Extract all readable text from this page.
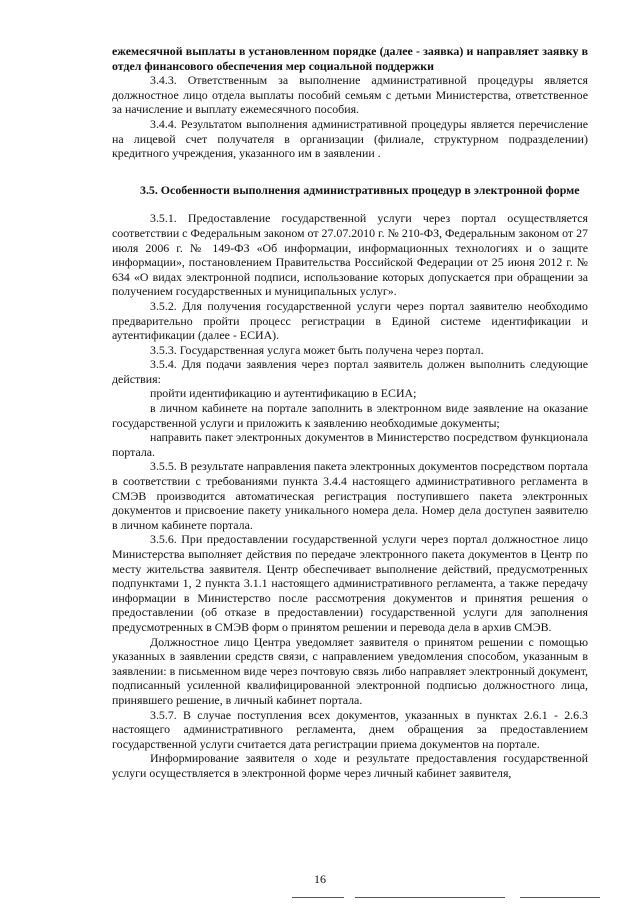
ежемесячной выплаты в установленном порядке (далее - заявка) и направляет заявку в отдел финансового обеспечения мер социальной поддержки

3.4.3. Ответственным за выполнение административной процедуры является должностное лицо отдела выплаты пособий семьям с детьми Министерства, ответственное за начисление и выплату ежемесячного пособия.

3.4.4. Результатом выполнения административной процедуры является перечисление на лицевой счет получателя в организации (филиале, структурном подразделении) кредитного учреждения, указанного им в заявлении .

3.5. Особенности выполнения административных процедур в электронной форме

3.5.1. Предоставление государственной услуги через портал осуществляется соответствии с Федеральным законом от 27.07.2010 г. № 210-ФЗ, Федеральным законом от 27 июля 2006 г. № 149-ФЗ «Об информации, информационных технологиях и о защите информации», постановлением Правительства Российской Федерации от 25 июня 2012 г. № 634 «О видах электронной подписи, использование которых допускается при обращении за получением государственных и муниципальных услуг».

3.5.2. Для получения государственной услуги через портал заявителю необходимо предварительно пройти процесс регистрации в Единой системе идентификации и аутентификации (далее - ЕСИА).

3.5.3. Государственная услуга может быть получена через портал.

3.5.4. Для подачи заявления через портал заявитель должен выполнить следующие действия:

пройти идентификацию и аутентификацию в ЕСИА;

в личном кабинете на портале заполнить в электронном виде заявление на оказание государственной услуги и приложить к заявлению необходимые документы;

направить пакет электронных документов в Министерство посредством функционала портала.

3.5.5. В результате направления пакета электронных документов посредством портала в соответствии с требованиями пункта 3.4.4 настоящего административного регламента в СМЭВ производится автоматическая регистрация поступившего пакета электронных документов и присвоение пакету уникального номера дела. Номер дела доступен заявителю в личном кабинете портала.

3.5.6. При предоставлении государственной услуги через портал должностное лицо Министерства выполняет действия по передаче электронного пакета документов в Центр по месту жительства заявителя. Центр обеспечивает выполнение действий, предусмотренных подпунктами 1, 2 пункта 3.1.1 настоящего административного регламента, а также передачу информации в Министерство после рассмотрения документов и принятия решения о предоставлении (об отказе в предоставлении) государственной услуги для заполнения предусмотренных в СМЭВ форм о принятом решении и перевода дела в архив СМЭВ.

Должностное лицо Центра уведомляет заявителя о принятом решении с помощью указанных в заявлении средств связи, с направлением уведомления способом, указанным в заявлении: в письменном виде через почтовую связь либо направляет электронный документ, подписанный усиленной квалифицированной электронной подписью должностного лица, принявшего решение, в личный кабинет портала.

3.5.7. В случае поступления всех документов, указанных в пунктах 2.6.1 - 2.6.3 настоящего административного регламента, днем обращения за предоставлением государственной услуги считается дата регистрации приема документов на портале.

Информирование заявителя о ходе и результате предоставления государственной услуги осуществляется в электронной форме через личный кабинет заявителя,

16
